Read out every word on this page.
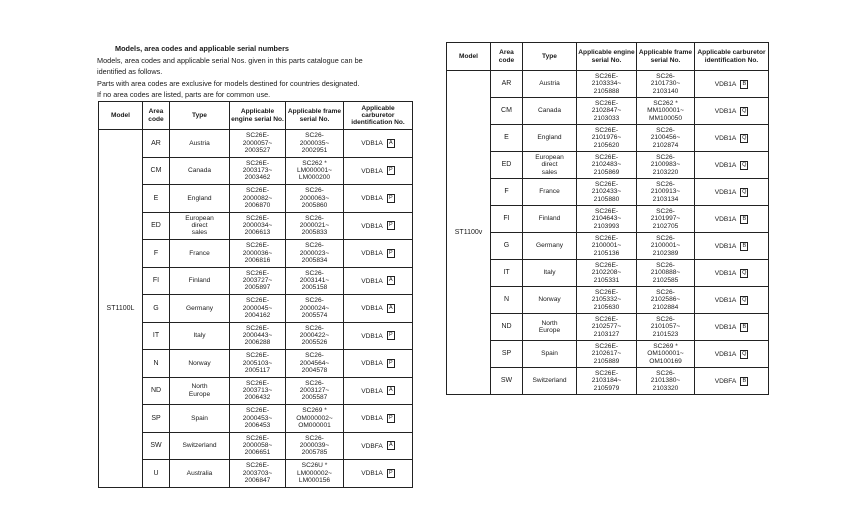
Models, area codes and applicable serial numbers

Models, area codes and applicable serial Nos. given in this parts catalogue can be

identified as follows.

Parts with area codes are exclusive for models destined for countries designated.

If no area codes are listed, parts are for common use.

Model	Area code	Type	Applicable engine serial No.	Applicable frame serial No.	Applicable carburetor identification No.
ST1100L	AR	Austria	SC26E-
2000057~
2003527	SC26-
2000035~
2002951	VDB1A A
	CM	Canada	SC26E-
2003173~
2003462	SC262 *
LM000001~
LM000200	VDB1A P
	E	England	SC26E-
2000082~
2006870	SC26-
2000063~
2005860	VDB1A P
	ED	European
direct
sales	SC26E-
2000034~
2006613	SC26-
2000021~
2005833	VDB1A P
	F	France	SC26E-
2000036~
2006816	SC26-
2000023~
2005834	VDB1A P
	FI	Finland	SC26E-
2003727~
2005897	SC26-
2003141~
2005158	VDB1A A
	G	Germany	SC26E-
2000045~
2004162	SC26-
2000024~
2005574	VDB1A A
	IT	Italy	SC26E-
2000443~
2006288	SC26-
2000422~
2005526	VDB1A P
	N	Norway	SC26E-
2005103~
2005117	SC26-
2004564~
2004578	VDB1A P
	ND	North
Europe	SC26E-
2003713~
2006432	SC26-
2003127~
2005587	VDB1A A
	SP	Spain	SC26E-
2000453~
2006453	SC269 *
OM000002~
OM000001	VDB1A P
	SW	Switzerland	SC26E-
2000058~
2006651	SC26-
2000039~
2005785	VDBFA A
	U	Australia	SC26E-
2003703~
2006847	SC26U *
LM000002~
LM000156	VDB1A P
Model	Area code	Type	Applicable engine serial No.	Applicable frame serial No.	Applicable carburetor identification No.
ST1100v	AR	Austria	SC26E-
2103334~
2105888	SC26-
2101730~
2103140	VDB1A B
	CM	Canada	SC26E-
2102847~
2103033	SC262 *
MM100001~
MM100050	VDB1A Q
	E	England	SC26E-
2101976~
2105620	SC26-
2100456~
2102874	VDB1A Q
	ED	European
direct
sales	SC26E-
2102483~
2105869	SC26-
2100983~
2103220	VDB1A Q
	F	France	SC26E-
2102433~
2105880	SC26-
2100913~
2103134	VDB1A Q
	FI	Finland	SC26E-
2104643~
2103993	SC26-
2101997~
2102705	VDB1A B
	G	Germany	SC26E-
2100001~
2105136	SC26-
2100001~
2102389	VDB1A B
	IT	Italy	SC26E-
2102208~
2105331	SC26-
2100888~
2102585	VDB1A Q
	N	Norway	SC26E-
2105332~
2105630	SC26-
2102586~
2102884	VDB1A Q
	ND	North
Europe	SC26E-
2102577~
2103127	SC26-
2101057~
2101523	VDB1A B
	SP	Spain	SC26E-
2102617~
2105889	SC269 *
OM100001~
OM100169	VDB1A Q
	SW	Switzerland	SC26E-
2103184~
2105979	SC26-
2101380~
2103320	VDBFA B
